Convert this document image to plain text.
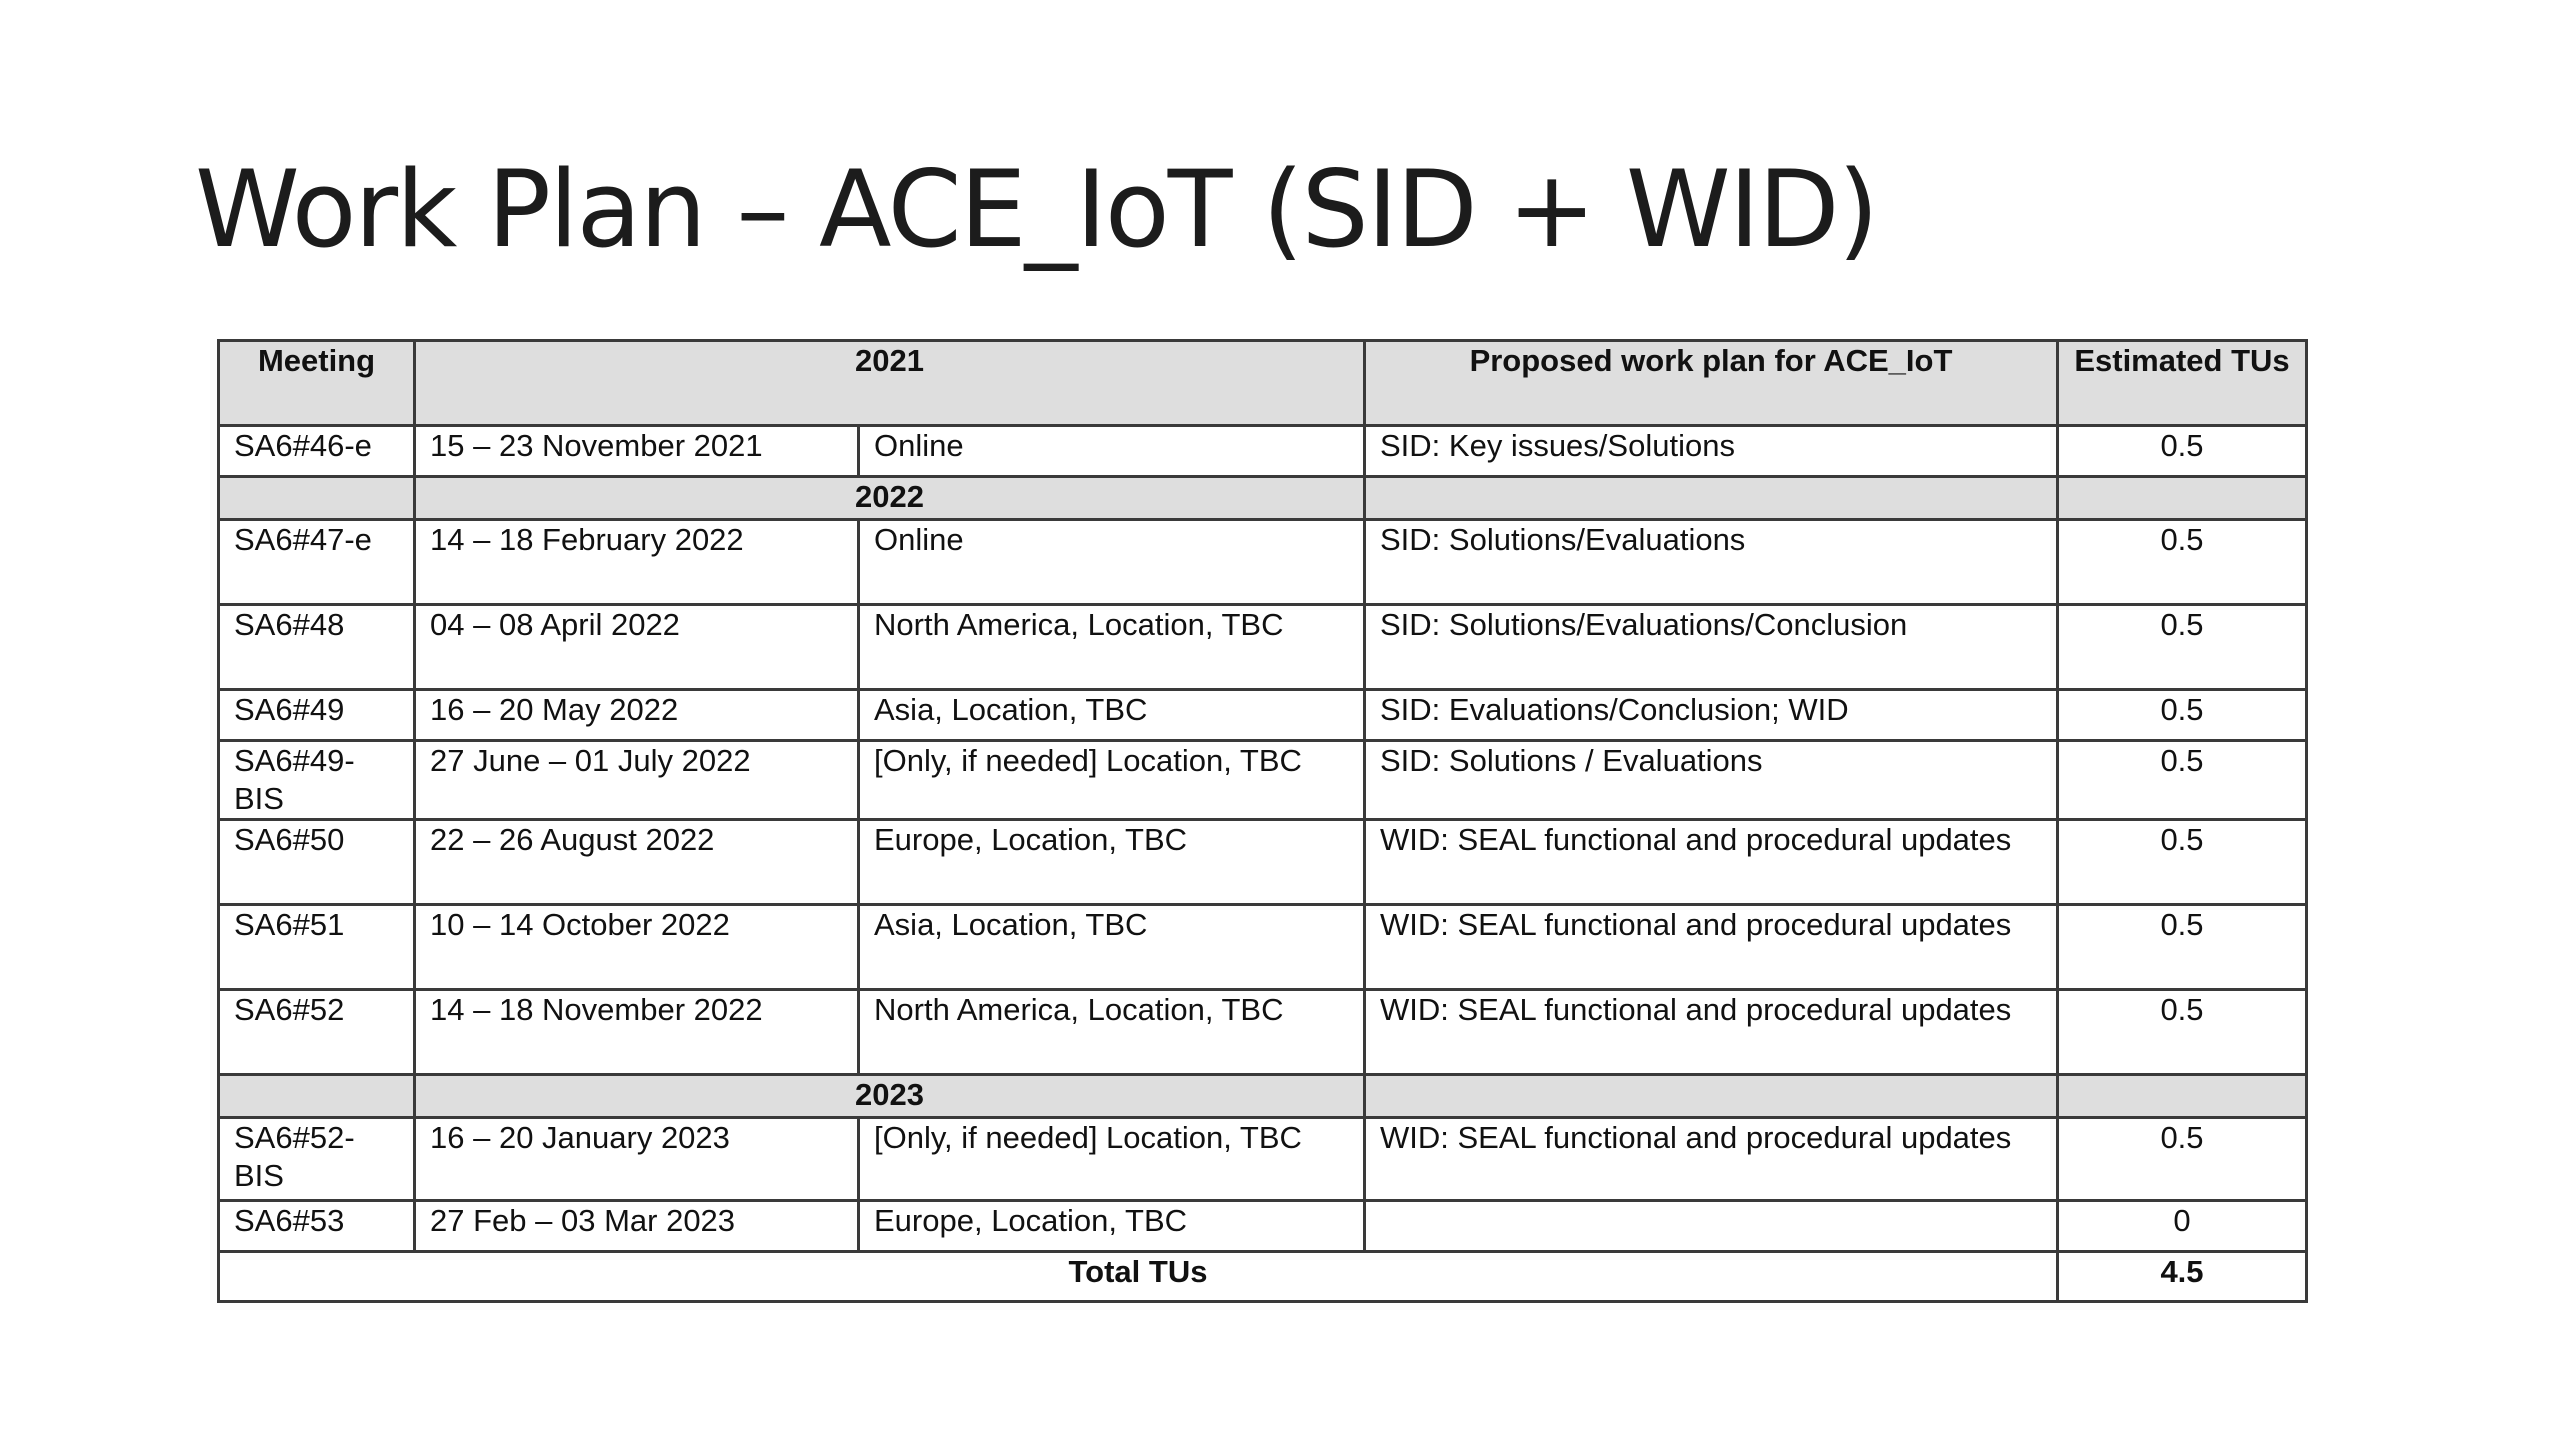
Work Plan – ACE_IoT (SID + WID)
Meeting	2021		Proposed work plan for ACE_IoT	Estimated TUs
SA6#46-e	15 – 23 November 2021	Online	SID: Key issues/Solutions	0.5
	2022			
SA6#47-e	14 – 18 February 2022	Online	SID: Solutions/Evaluations	0.5
SA6#48	04 – 08 April 2022	North America, Location, TBC	SID: Solutions/Evaluations/Conclusion	0.5
SA6#49	16 – 20 May 2022	Asia, Location, TBC	SID: Evaluations/Conclusion; WID	0.5
SA6#49-BIS	27 June – 01 July 2022	[Only, if needed] Location, TBC	SID: Solutions / Evaluations	0.5
SA6#50	22 – 26 August 2022	Europe, Location, TBC	WID: SEAL functional and procedural updates	0.5
SA6#51	10 – 14 October 2022	Asia, Location, TBC	WID: SEAL functional and procedural updates	0.5
SA6#52	14 – 18 November 2022	North America, Location, TBC	WID: SEAL functional and procedural updates	0.5
	2023			
SA6#52-BIS	16 – 20 January 2023	[Only, if needed] Location, TBC	WID: SEAL functional and procedural updates	0.5
SA6#53	27 Feb – 03 Mar 2023	Europe, Location, TBC		0
Total TUs				4.5
